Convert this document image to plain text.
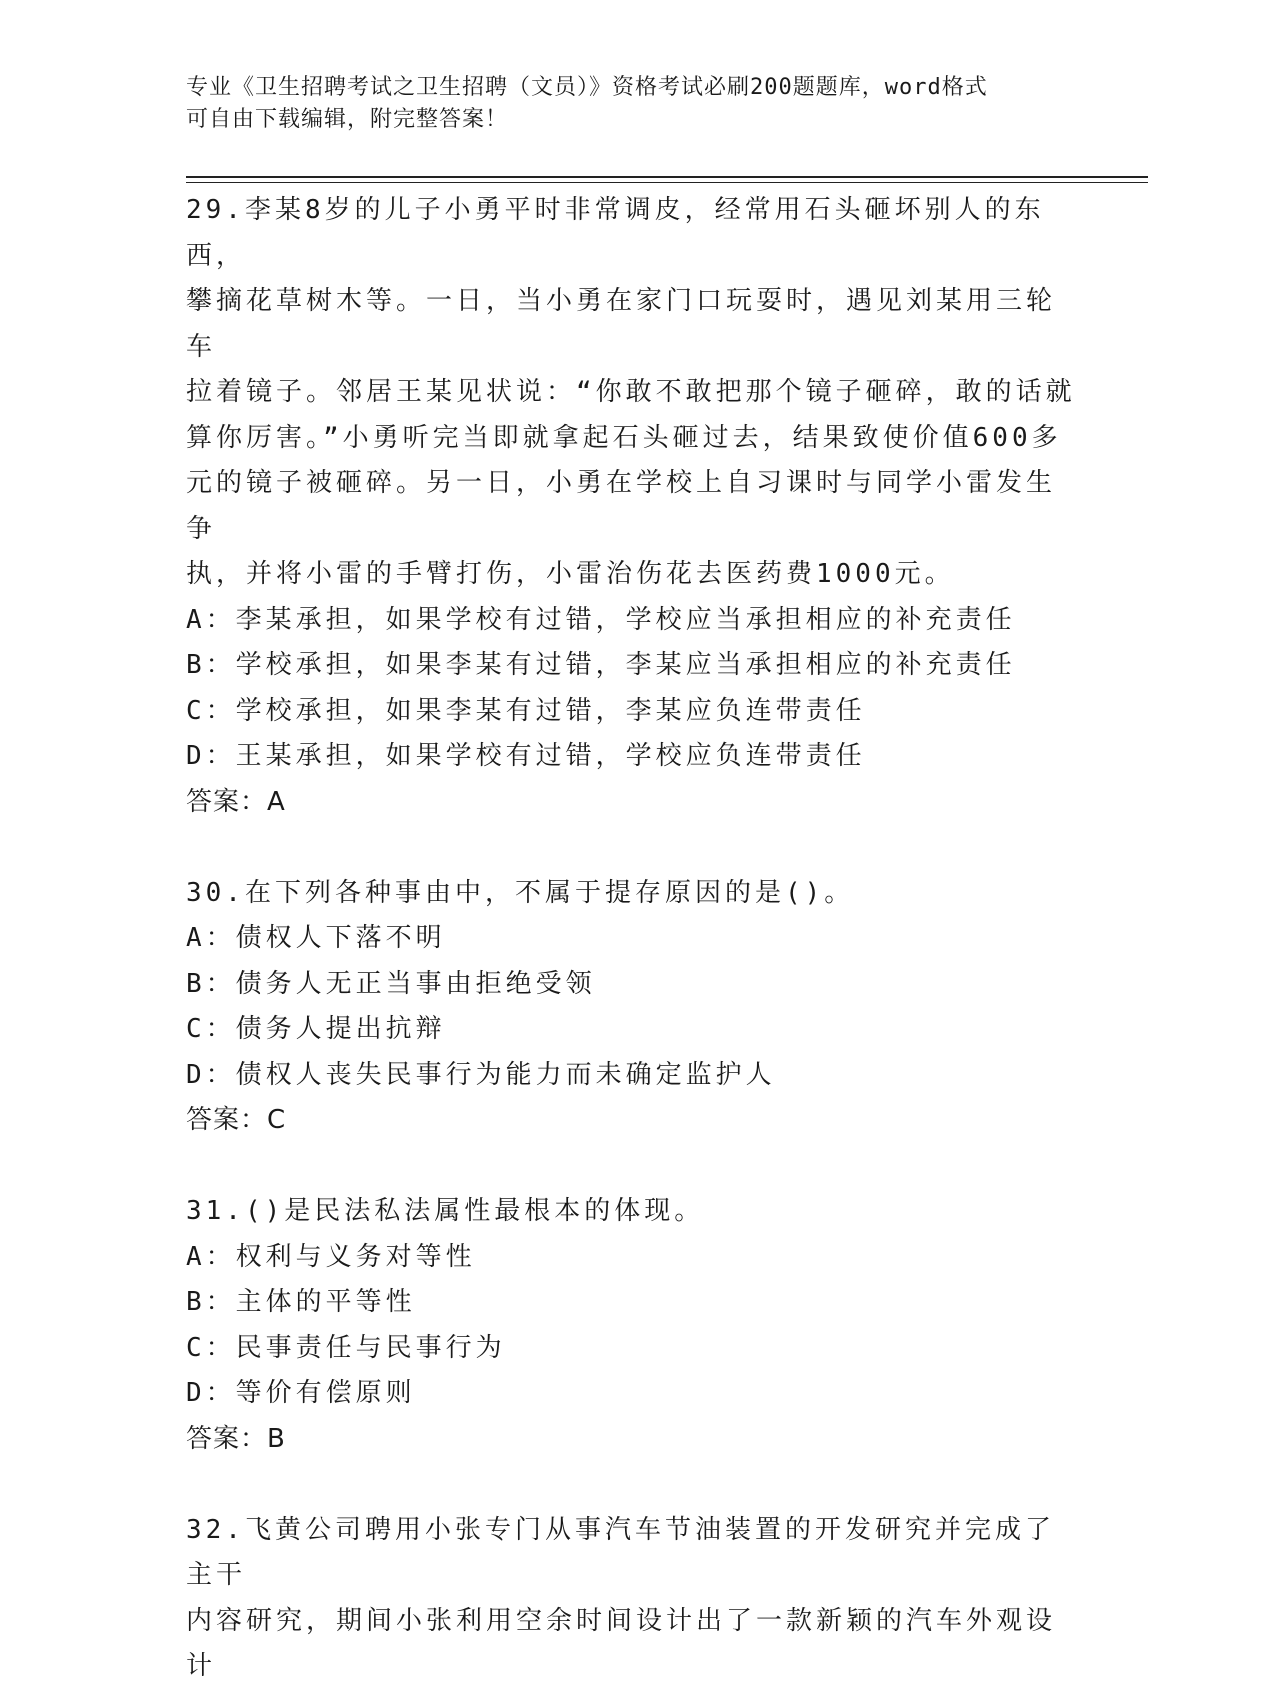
专业《卫生招聘考试之卫生招聘（文员）》资格考试必刷200题题库，word格式
可自由下载编辑，附完整答案！
29.李某8岁的儿子小勇平时非常调皮，经常用石头砸坏别人的东西，
攀摘花草树木等。一日，当小勇在家门口玩耍时，遇见刘某用三轮车
拉着镜子。邻居王某见状说：“你敢不敢把那个镜子砸碎，敢的话就
算你厉害。”小勇听完当即就拿起石头砸过去，结果致使价值600多
元的镜子被砸碎。另一日，小勇在学校上自习课时与同学小雷发生争
执，并将小雷的手臂打伤，小雷治伤花去医药费1000元。
A：李某承担，如果学校有过错，学校应当承担相应的补充责任
B：学校承担，如果李某有过错，李某应当承担相应的补充责任
C：学校承担，如果李某有过错，李某应负连带责任
D：王某承担，如果学校有过错，学校应负连带责任
答案：A
30.在下列各种事由中，不属于提存原因的是()。
A：债权人下落不明
B：债务人无正当事由拒绝受领
C：债务人提出抗辩
D：债权人丧失民事行为能力而未确定监护人
答案：C
31.()是民法私法属性最根本的体现。
A：权利与义务对等性
B：主体的平等性
C：民事责任与民事行为
D：等价有偿原则
答案：B
32.飞黄公司聘用小张专门从事汽车节油装置的开发研究并完成了主干
内容研究，期间小张利用空余时间设计出了一款新颖的汽车外观设计
